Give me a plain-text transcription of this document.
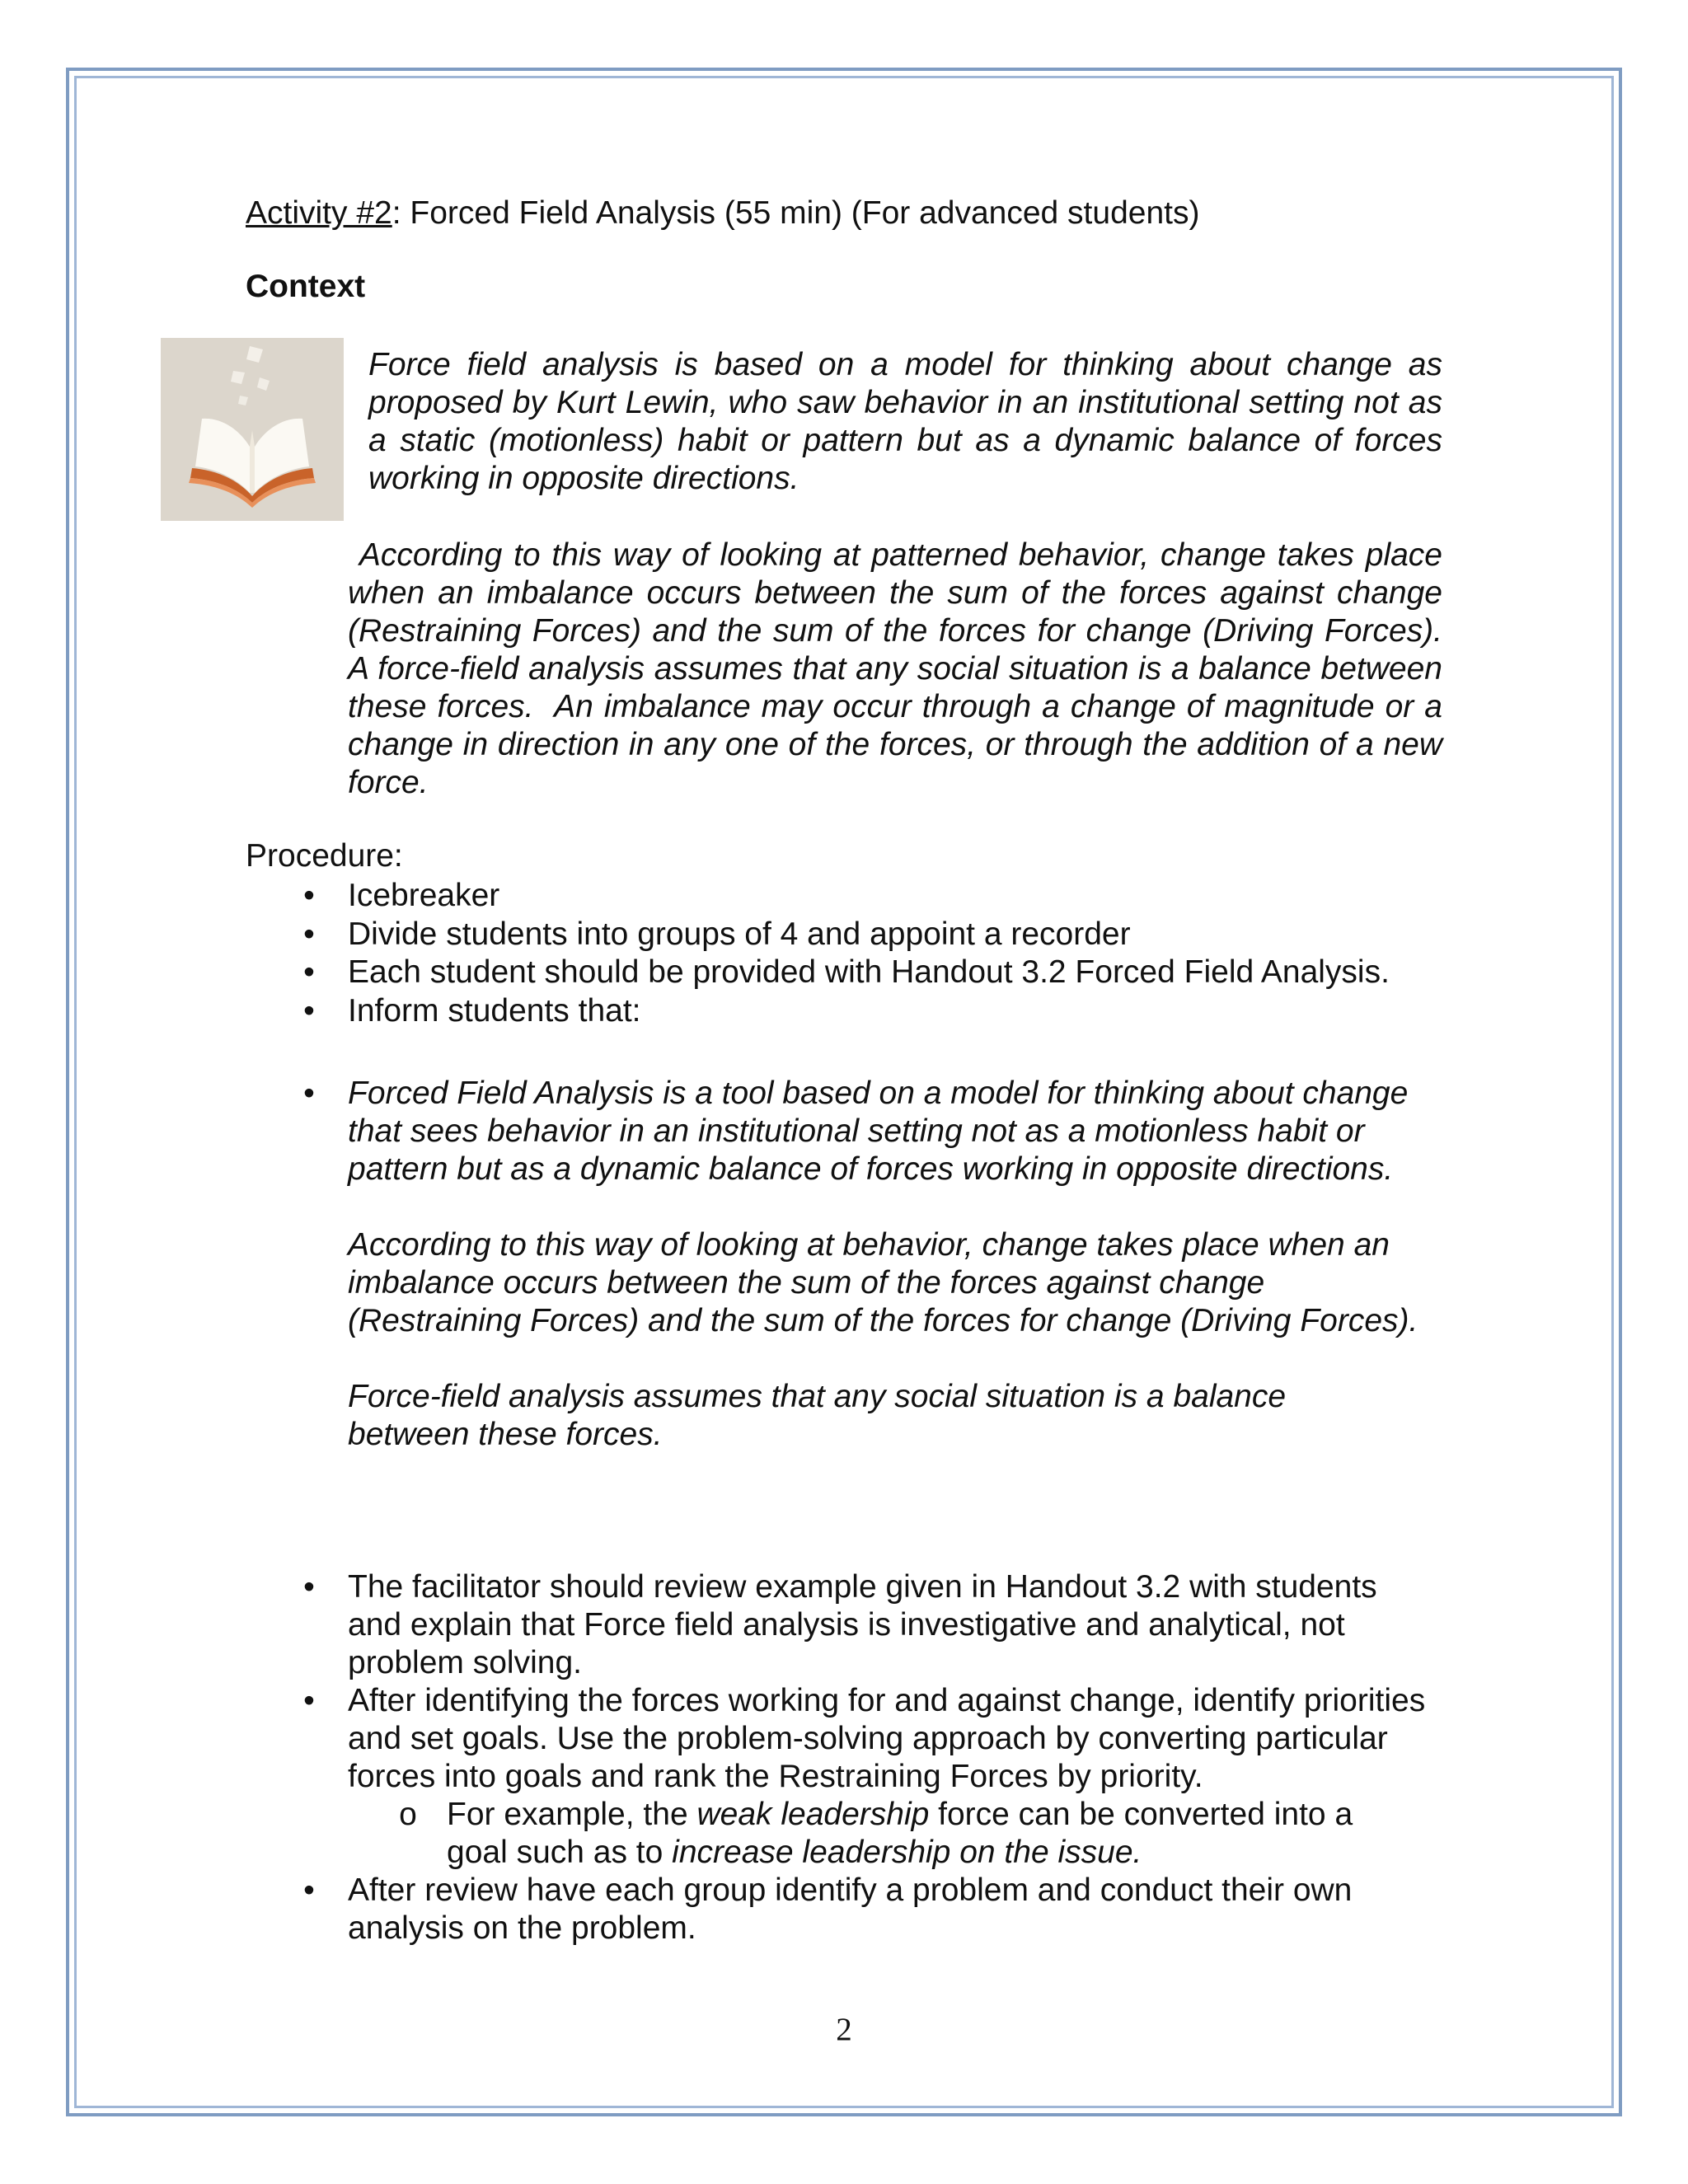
Activity #2: Forced Field Analysis (55 min) (For advanced students)

Context

Force field analysis is based on a model for thinking about change as proposed by Kurt Lewin, who saw behavior in an institutional setting not as a static (motionless) habit or pattern but as a dynamic balance of forces working in opposite directions.

According to this way of looking at patterned behavior, change takes place when an imbalance occurs between the sum of the forces against change (Restraining Forces) and the sum of the forces for change (Driving Forces).  A force-field analysis assumes that any social situation is a balance between these forces.  An imbalance may occur through a change of magnitude or a change in direction in any one of the forces, or through the addition of a new force.

Procedure:

• Icebreaker
• Divide students into groups of 4 and appoint a recorder
• Each student should be provided with Handout 3.2 Forced Field Analysis.
• Inform students that:
• Forced Field Analysis is a tool based on a model for thinking about change that sees behavior in an institutional setting not as a motionless habit or pattern but as a dynamic balance of forces working in opposite directions.

According to this way of looking at behavior, change takes place when an imbalance occurs between the sum of the forces against change (Restraining Forces) and the sum of the forces for change (Driving Forces).

Force-field analysis assumes that any social situation is a balance between these forces.

• The facilitator should review example given in Handout 3.2 with students and explain that Force field analysis is investigative and analytical, not problem solving.
• After identifying the forces working for and against change, identify priorities and set goals. Use the problem-solving approach by converting particular forces into goals and rank the Restraining Forces by priority.
o For example, the weak leadership force can be converted into a goal such as to increase leadership on the issue.
• After review have each group identify a problem and conduct their own analysis on the problem.
2
